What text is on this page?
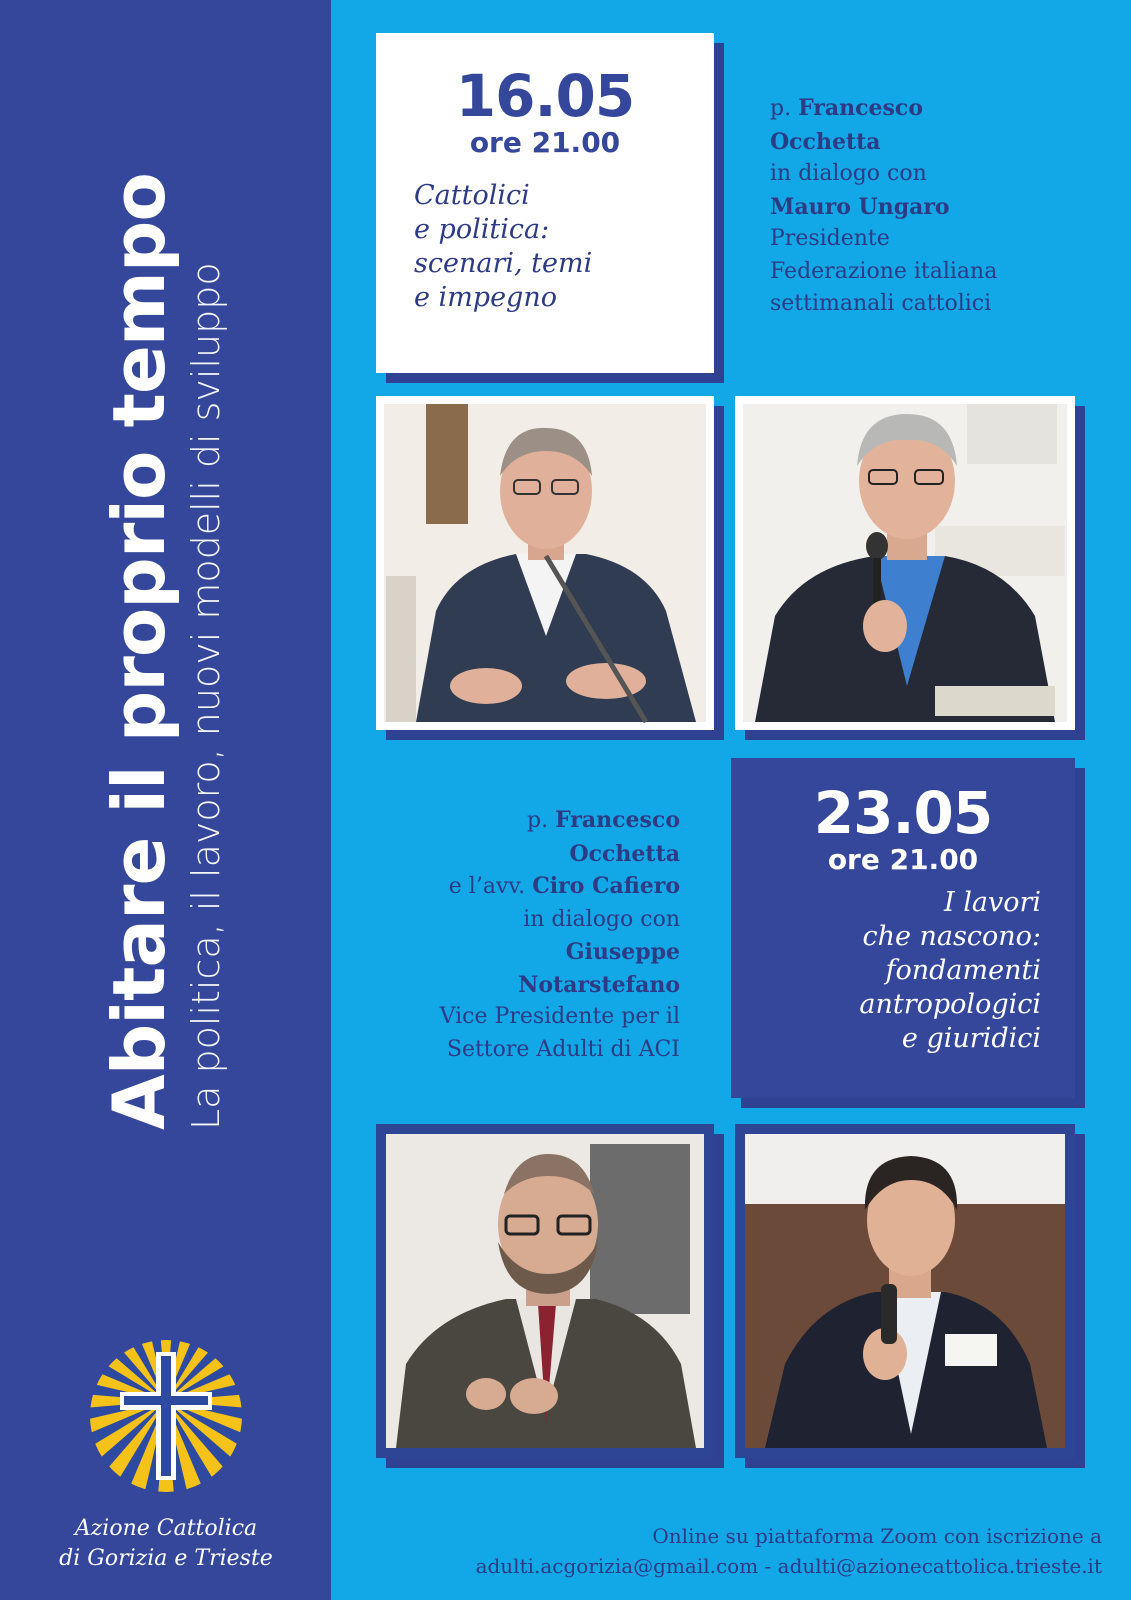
Abitare il proprio tempo La politica, il lavoro, nuovi modelli di sviluppo
Azione Cattolica
di Gorizia e Trieste
16.05
ore 21.00
Cattolici
e politica:
scenari, temi
e impegno
p. Francesco
Occhetta
in dialogo con
Mauro Ungaro
Presidente
Federazione italiana
settimanali cattolici
23.05
ore 21.00
I lavori
che nascono:
fondamenti
antropologici
e giuridici
p. Francesco
Occhetta
e l’avv. Ciro Cafiero
in dialogo con
Giuseppe
Notarstefano
Vice Presidente per il
Settore Adulti di ACI
Online su piattaforma Zoom con iscrizione a
adulti.acgorizia@gmail.com - adulti@azionecattolica.trieste.it
